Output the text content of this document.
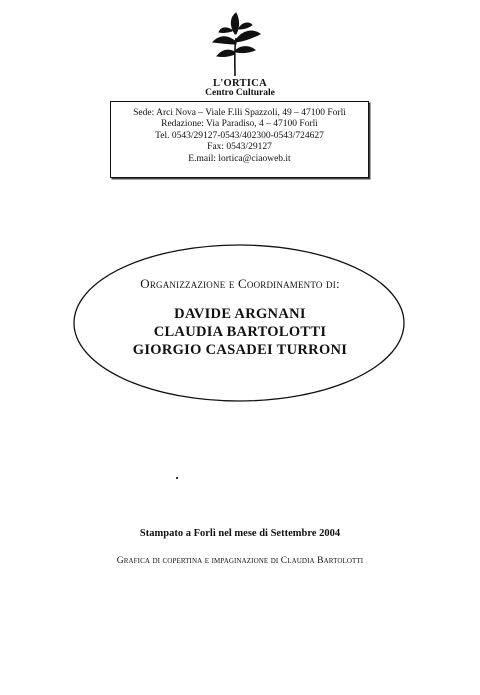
L'ORTICA
Centro Culturale
Sede: Arci Nova – Viale F.lli Spazzoli, 49 – 47100 Forlì
Redazione: Via Paradiso, 4 – 47100 Forlì
Tel. 0543/29127-0543/402300-0543/724627
Fax: 0543/29127
E.mail: lortica@ciaoweb.it
Organizzazione e Coordinamento di:
DAVIDE ARGNANI
CLAUDIA BARTOLOTTI
GIORGIO CASADEI TURRONI
Stampato a Forlì nel mese di Settembre 2004
Grafica di copertina e impaginazione di Claudia Bartolotti
